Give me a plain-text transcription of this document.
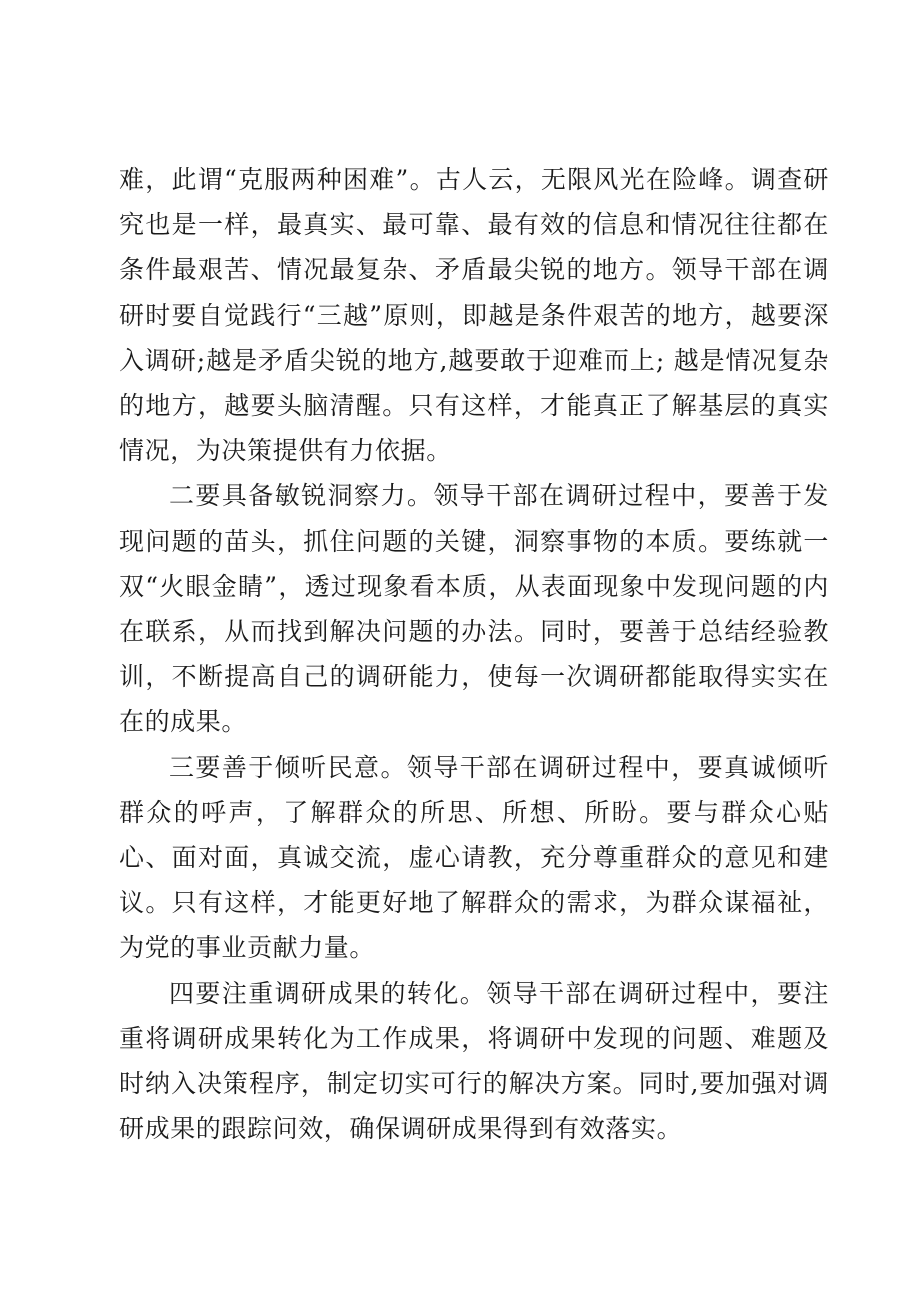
难，此谓“克服两种困难”。古人云，无限风光在险峰。调查研究也是一样，最真实、最可靠、最有效的信息和情况往往都在条件最艰苦、情况最复杂、矛盾最尖锐的地方。领导干部在调研时要自觉践行“三越”原则，即越是条件艰苦的地方，越要深入调研;越是矛盾尖锐的地方,越要敢于迎难而上; 越是情况复杂的地方，越要头脑清醒。只有这样，才能真正了解基层的真实情况，为决策提供有力依据。

二要具备敏锐洞察力。领导干部在调研过程中，要善于发现问题的苗头，抓住问题的关键，洞察事物的本质。要练就一双“火眼金睛”，透过现象看本质，从表面现象中发现问题的内在联系，从而找到解决问题的办法。同时，要善于总结经验教训，不断提高自己的调研能力，使每一次调研都能取得实实在在的成果。

三要善于倾听民意。领导干部在调研过程中，要真诚倾听群众的呼声，了解群众的所思、所想、所盼。要与群众心贴心、面对面，真诚交流，虚心请教，充分尊重群众的意见和建议。只有这样，才能更好地了解群众的需求，为群众谋福祉，为党的事业贡献力量。

四要注重调研成果的转化。领导干部在调研过程中，要注重将调研成果转化为工作成果，将调研中发现的问题、难题及时纳入决策程序，制定切实可行的解决方案。同时,要加强对调研成果的跟踪问效，确保调研成果得到有效落实。
